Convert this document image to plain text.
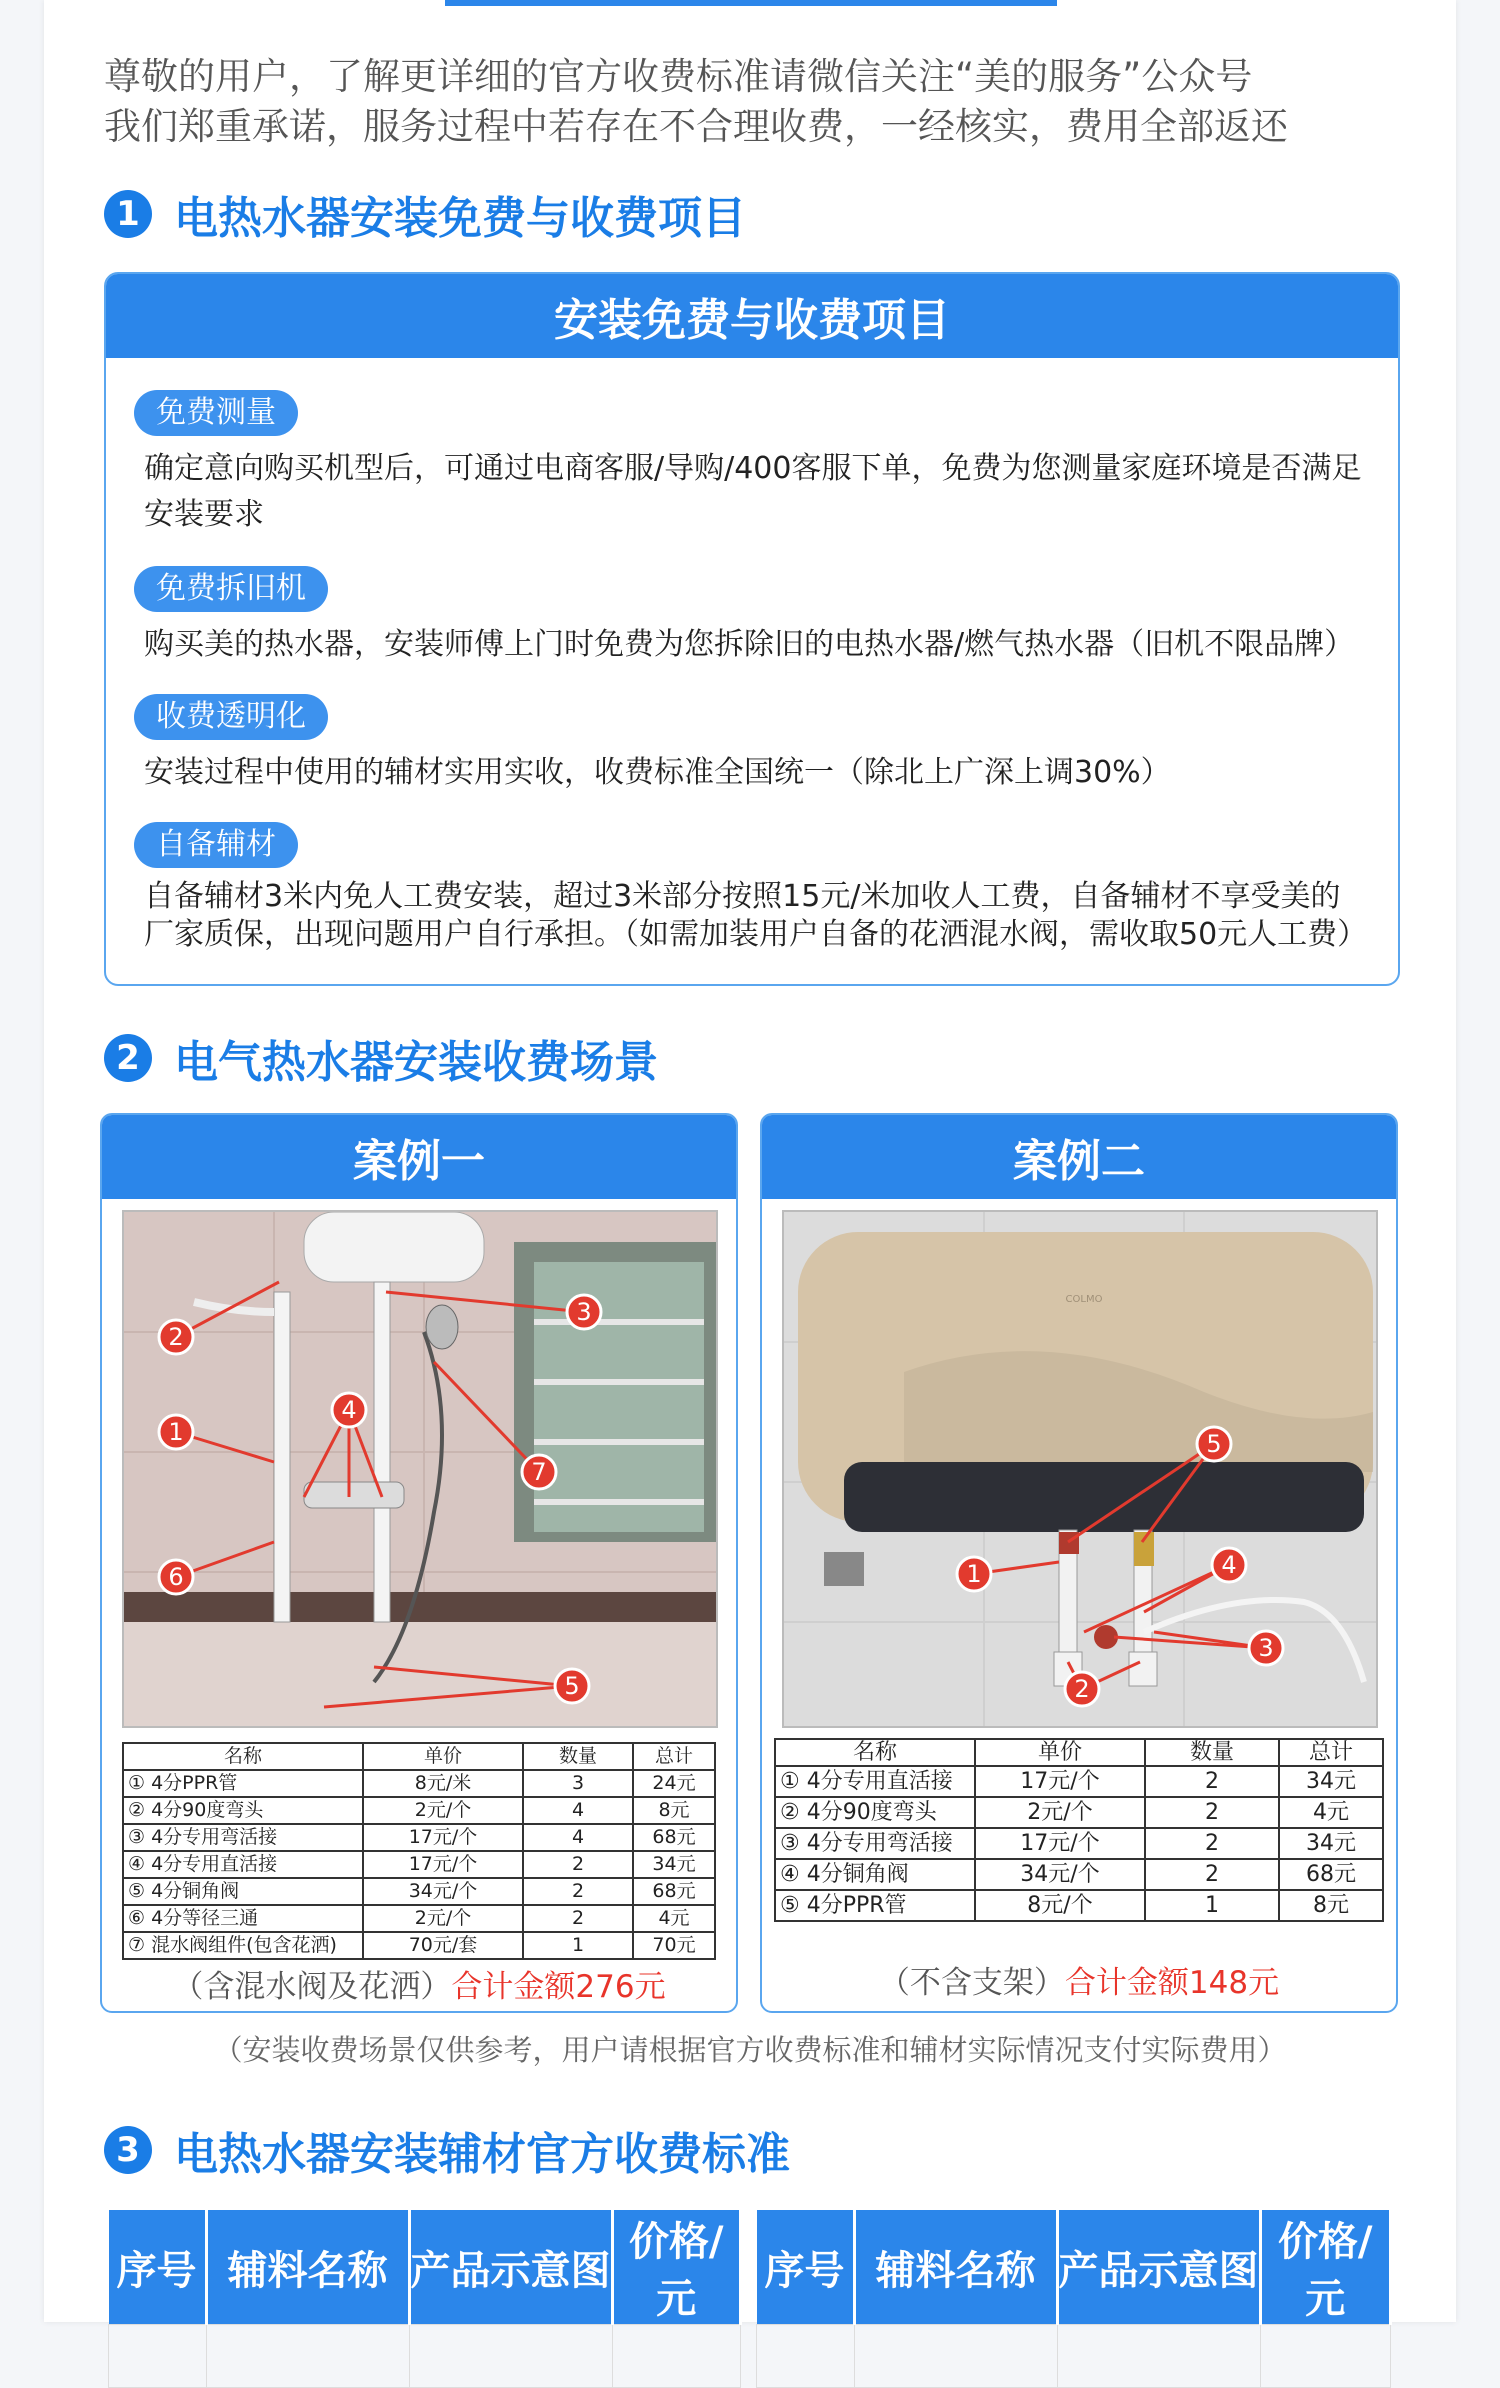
尊敬的用户，了解更详细的官方收费标准请微信关注“美的服务”公众号
我们郑重承诺，服务过程中若存在不合理收费，一经核实，费用全部返还
1 电热水器安装免费与收费项目
安装免费与收费项目
免费测量
确定意向购买机型后，可通过电商客服/导购/400客服下单，免费为您测量家庭环境是否满足安装要求
免费拆旧机
购买美的热水器，安装师傅上门时免费为您拆除旧的电热水器/燃气热水器（旧机不限品牌）
收费透明化
安装过程中使用的辅材实用实收，收费标准全国统一（除北上广深上调30%）
自备辅材
自备辅材3米内免人工费安装，超过3米部分按照15元/米加收人工费，自备辅材不享受美的厂家质保，出现问题用户自行承担。（如需加装用户自备的花洒混水阀，需收取50元人工费）
2 电气热水器安装收费场景
案例一
1
2
3
4
5
6
7
名称	单价	数量	总计
① 4分PPR管	8元/米	3	24元
② 4分90度弯头	2元/个	4	8元
③ 4分专用弯活接	17元/个	4	68元
④ 4分专用直活接	17元/个	2	34元
⑤ 4分铜角阀	34元/个	2	68元
⑥ 4分等径三通	2元/个	2	4元
⑦ 混水阀组件(包含花洒)	70元/套	1	70元
（含混水阀及花洒）合计金额276元
案例二
COLMO
1
2
3
4
5
名称	单价	数量	总计
① 4分专用直活接	17元/个	2	34元
② 4分90度弯头	2元/个	2	4元
③ 4分专用弯活接	17元/个	2	34元
④ 4分铜角阀	34元/个	2	68元
⑤ 4分PPR管	8元/个	1	8元
（不含支架）合计金额148元
（安装收费场景仅供参考，用户请根据官方收费标准和辅材实际情况支付实际费用）
3 电热水器安装辅材官方收费标准
序号	辅料名称	产品示意图	价格/元

序号	辅料名称	产品示意图	价格/元
